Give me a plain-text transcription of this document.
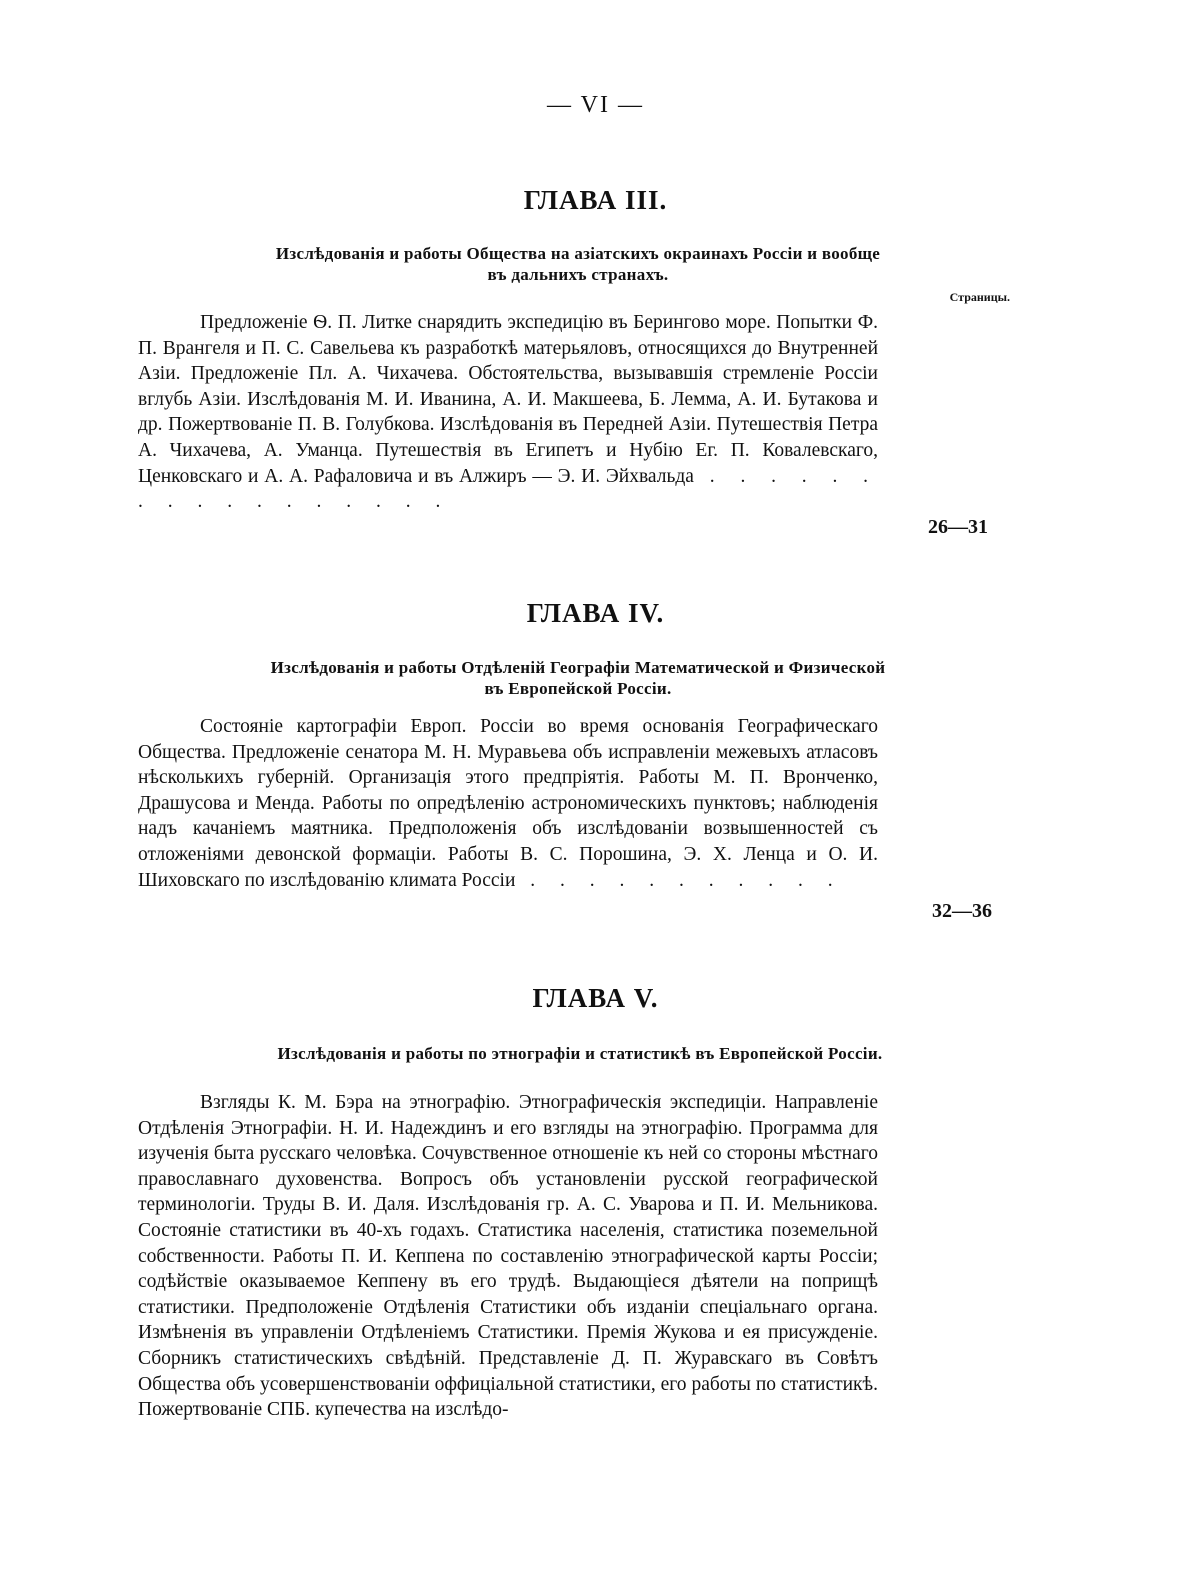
— VI —
ГЛАВА III.
Изслѣдованія и работы Общества на азіатскихъ окраинахъ Россіи и вообще
въ дальнихъ странахъ.
Страницы.
Предложеніе Ѳ. П. Литке снарядить экспедицію въ Берингово море. Попытки Ф. П. Врангеля и П. С. Савельева къ разработкѣ матерьяловъ, относящихся до Внутренней Азіи. Предложеніе Пл. А. Чихачева. Обстоятельства, вызывавшія стремленіе Россіи вглубь Азіи. Изслѣдованія М. И. Иванина, А. И. Макшеева, Б. Лемма, А. И. Бутакова и др. Пожертвованіе П. В. Голубкова. Изслѣдованія въ Передней Азіи. Путешествія Петра А. Чихачева, А. Уманца. Путешествія въ Египетъ и Нубію Ег. П. Ковалевскаго, Ценковскаго и А. А. Рафаловича и въ Алжиръ — Э. И. Эйхвальда . . . . . . . . . . . . . . . . .
26—31
ГЛАВА IV.
Изслѣдованія и работы Отдѣленій Географіи Математической и Физической
въ Европейской Россіи.
Состояніе картографіи Европ. Россіи во время основанія Географическаго Общества. Предложеніе сенатора М. Н. Муравьева объ исправленіи межевыхъ атласовъ нѣсколькихъ губерній. Организація этого предпріятія. Работы М. П. Вронченко, Драшусова и Менда. Работы по опредѣленію астрономическихъ пунктовъ; наблюденія надъ качаніемъ маятника. Предположенія объ изслѣдованіи возвышенностей съ отложеніями девонской формаціи. Работы В. С. Порошина, Э. Х. Ленца и О. И. Шиховскаго по изслѣдованію климата Россіи . . . . . . . . . . .
32—36
ГЛАВА V.
Изслѣдованія и работы по этнографіи и статистикѣ въ Европейской Россіи.
Взгляды К. М. Бэра на этнографію. Этнографическія экспедиціи. Направленіе Отдѣленія Этнографіи. Н. И. Надеждинъ и его взгляды на этнографію. Программа для изученія быта русскаго человѣка. Сочувственное отношеніе къ ней со стороны мѣстнаго православнаго духовенства. Вопросъ объ установленіи русской географической терминологіи. Труды В. И. Даля. Изслѣдованія гр. А. С. Уварова и П. И. Мельникова. Состояніе статистики въ 40-хъ годахъ. Статистика населенія, статистика поземельной собственности. Работы П. И. Кеппена по составленію этнографической карты Россіи; содѣйствіе оказываемое Кеппену въ его трудѣ. Выдающіеся дѣятели на поприщѣ статистики. Предположеніе Отдѣленія Статистики объ изданіи спеціальнаго органа. Измѣненія въ управленіи Отдѣленіемъ Статистики. Премія Жукова и ея присужденіе. Сборникъ статистическихъ свѣдѣній. Представленіе Д. П. Журавскаго въ Совѣтъ Общества объ усовершенствованіи оффиціальной статистики, его работы по статистикѣ. Пожертвованіе СПБ. купечества на изслѣдо-
